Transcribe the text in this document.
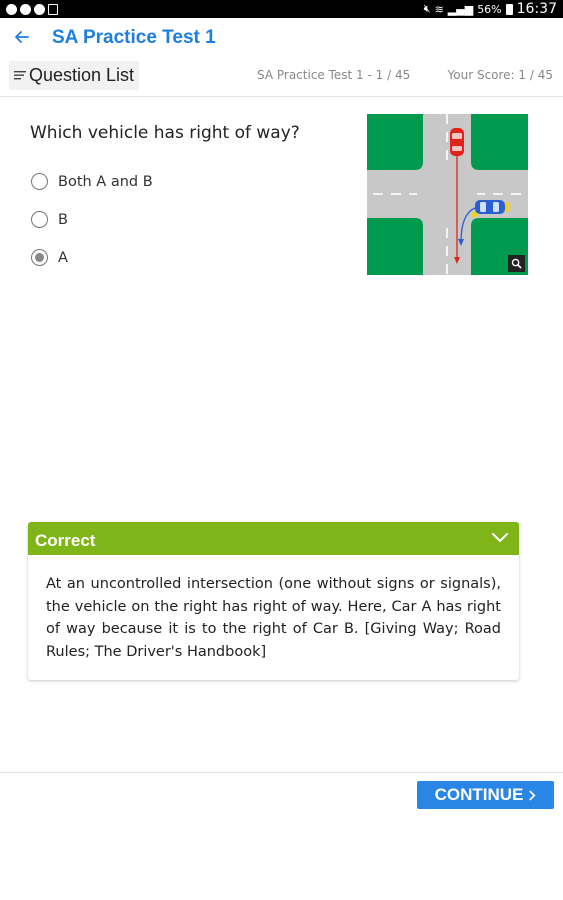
🔇︎ ≋ ▂▄▆ 56% 16:37
SA Practice Test 1
Question List	SA Practice Test 1 - 1 / 45	Your Score: 1 / 45
Which vehicle has right of way?
Both A and B
B
A
Correct
At an uncontrolled intersection (one without signs or signals), the vehicle on the right has right of way. Here, Car A has right of way because it is to the right of Car B. [Giving Way; Road Rules; The Driver's Handbook]
CONTINUE
